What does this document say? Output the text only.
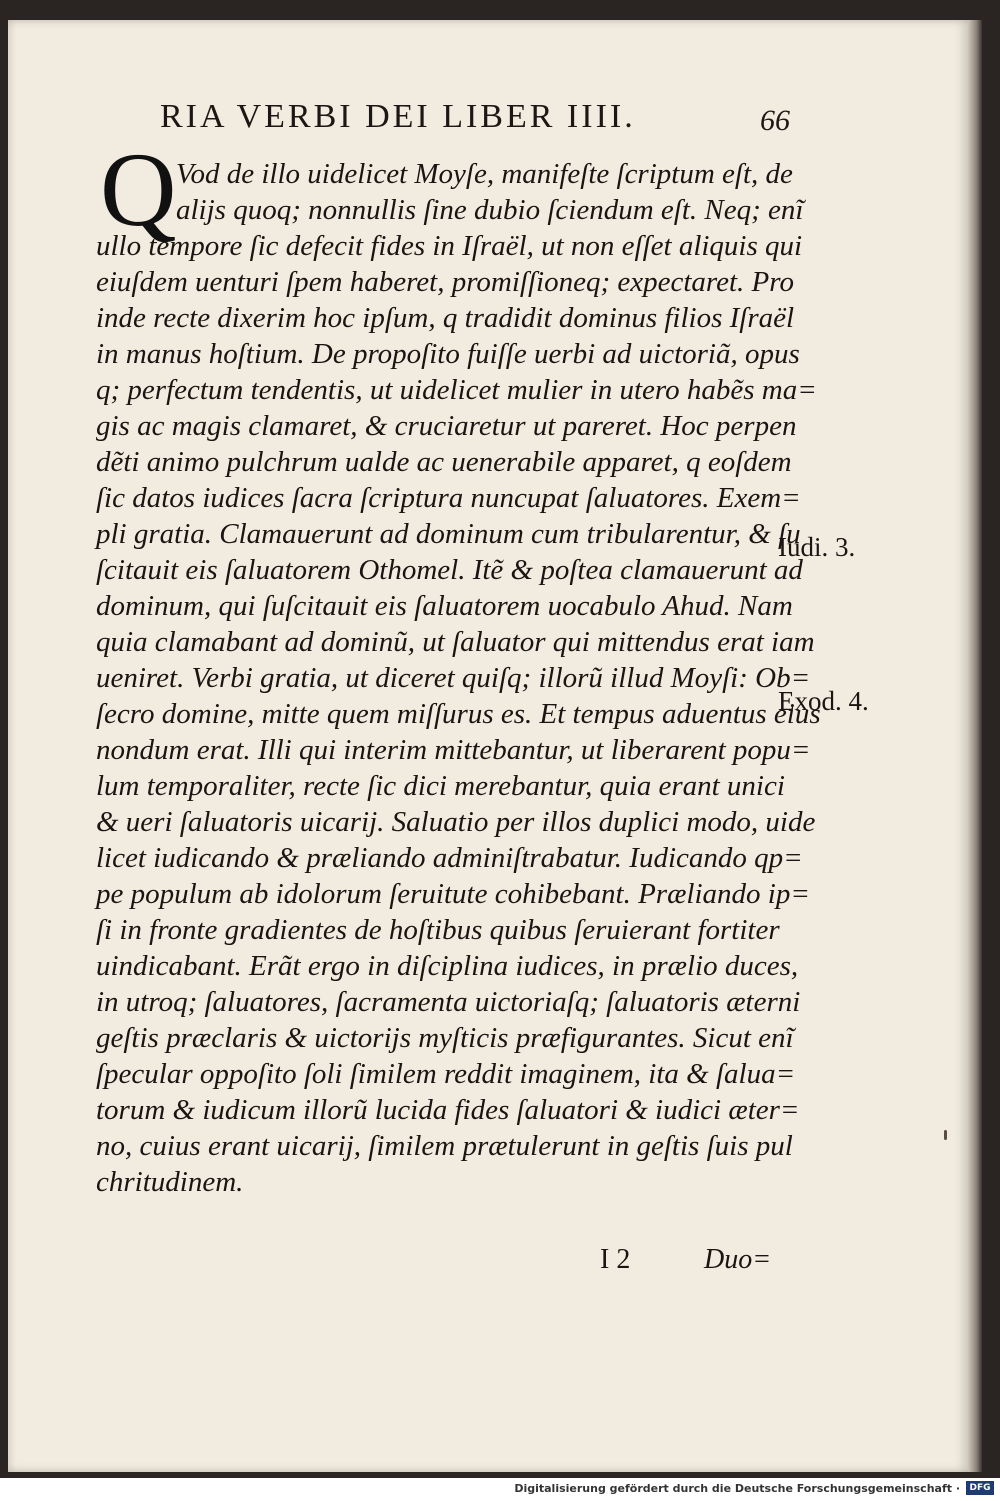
RIA VERBI DEI LIBER IIII.	66
Q Vod de illo uidelicet Moyſe, manifeſte ſcriptum eſt, de
alijs quoq; nonnullis ſine dubio ſciendum eſt. Neq; enĩ
ullo tempore ſic defecit fides in Iſraël, ut non eſſet aliquis qui
eiuſdem uenturi ſpem haberet, promiſſioneq; expectaret. Pro
inde recte dixerim hoc ipſum, q tradidit dominus filios Iſraël
in manus hoſtium. De propoſito fuiſſe uerbi ad uictoriã, opus
q; perfectum tendentis, ut uidelicet mulier in utero habẽs ma=
gis ac magis clamaret, & cruciaretur ut pareret. Hoc perpen
dẽti animo pulchrum ualde ac uenerabile apparet, q eoſdem
ſic datos iudices ſacra ſcriptura nuncupat ſaluatores. Exem=
pli gratia. Clamauerunt ad dominum cum tribularentur, & ſu
ſcitauit eis ſaluatorem Othomel. Itẽ & poſtea clamauerunt ad
dominum, qui ſuſcitauit eis ſaluatorem uocabulo Ahud. Nam
quia clamabant ad dominũ, ut ſaluator qui mittendus erat iam
ueniret. Verbi gratia, ut diceret quiſq; illorũ illud Moyſi: Ob=
ſecro domine, mitte quem miſſurus es. Et tempus aduentus eius
nondum erat. Illi qui interim mittebantur, ut liberarent popu=
lum temporaliter, recte ſic dici merebantur, quia erant unici
& ueri ſaluatoris uicarij. Saluatio per illos duplici modo, uide
licet iudicando & præliando adminiſtrabatur. Iudicando qp=
pe populum ab idolorum ſeruitute cohibebant. Præliando ip=
ſi in fronte gradientes de hoſtibus quibus ſeruierant fortiter
uindicabant. Erãt ergo in diſciplina iudices, in prælio duces,
in utroq; ſaluatores, ſacramenta uictoriaſq; ſaluatoris æterni
geſtis præclaris & uictorijs myſticis præfigurantes. Sicut enĩ
ſpecular oppoſito ſoli ſimilem reddit imaginem, ita & ſalua=
torum & iudicum illorũ lucida fides ſaluatori & iudici æter=
no, cuius erant uicarij, ſimilem prætulerunt in geſtis ſuis pul
chritudinem.
Iudi. 3.
Exod. 4.
I 2	Duo=
Digitalisierung gefördert durch die Deutsche Forschungsgemeinschaft ·	DFG
